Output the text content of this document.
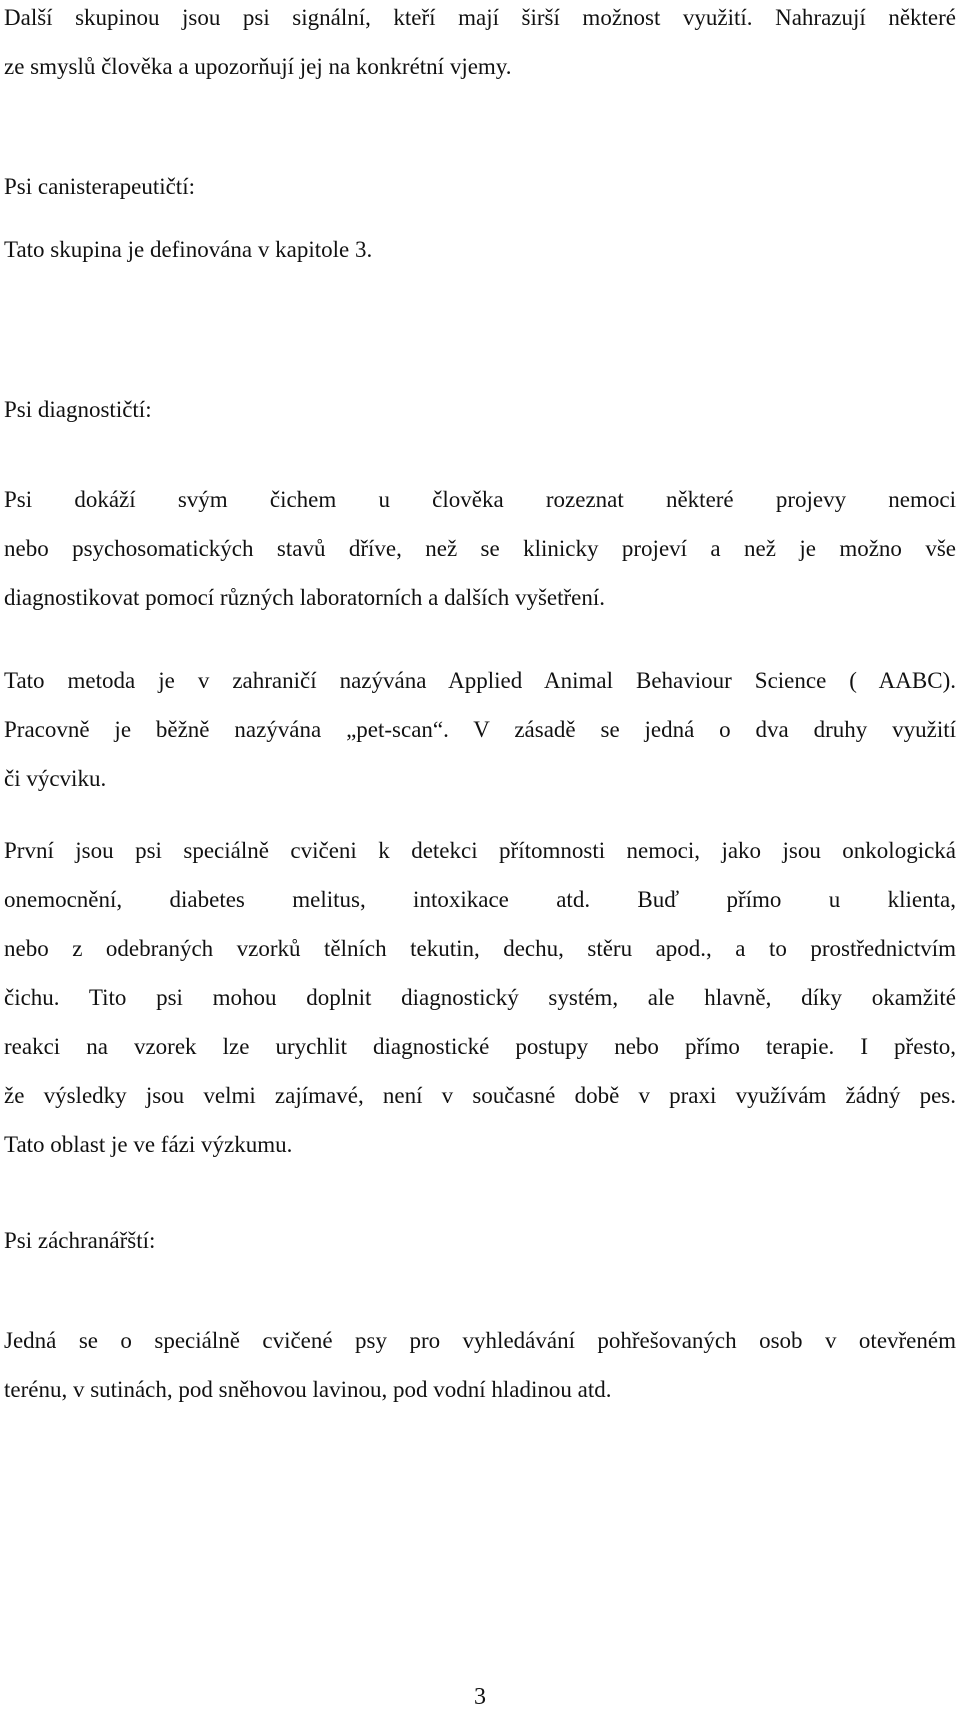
Další skupinou jsou psi signální, kteří mají širší možnost využití. Nahrazují některé
ze smyslů člověka a upozorňují jej na konkrétní vjemy.

Psi canisterapeutičtí:

Tato skupina je definována v kapitole 3.

Psi diagnostičtí:

Psi dokáží svým čichem u člověka rozeznat některé projevy nemoci
nebo psychosomatických stavů dříve, než se klinicky projeví a než je možno vše
diagnostikovat pomocí různých laboratorních a dalších vyšetření.

Tato metoda je v zahraničí nazývána Applied Animal Behaviour Science ( AABC).
Pracovně je běžně nazývána „pet-scan“. V zásadě se jedná o dva druhy využití
či výcviku.

První jsou psi speciálně cvičeni k detekci přítomnosti nemoci, jako jsou onkologická
onemocnění, diabetes melitus, intoxikace atd. Buď přímo u klienta,
nebo z odebraných vzorků tělních tekutin, dechu, stěru apod., a to prostřednictvím
čichu. Tito psi mohou doplnit diagnostický systém, ale hlavně, díky okamžité
reakci na vzorek lze urychlit diagnostické postupy nebo přímo terapie. I přesto,
že výsledky jsou velmi zajímavé, není v současné době v praxi využívám žádný pes.
Tato oblast je ve fázi výzkumu.

Psi záchranářští:

Jedná se o speciálně cvičené psy pro vyhledávání pohřešovaných osob v otevřeném
terénu, v sutinách, pod sněhovou lavinou, pod vodní hladinou atd.

3
